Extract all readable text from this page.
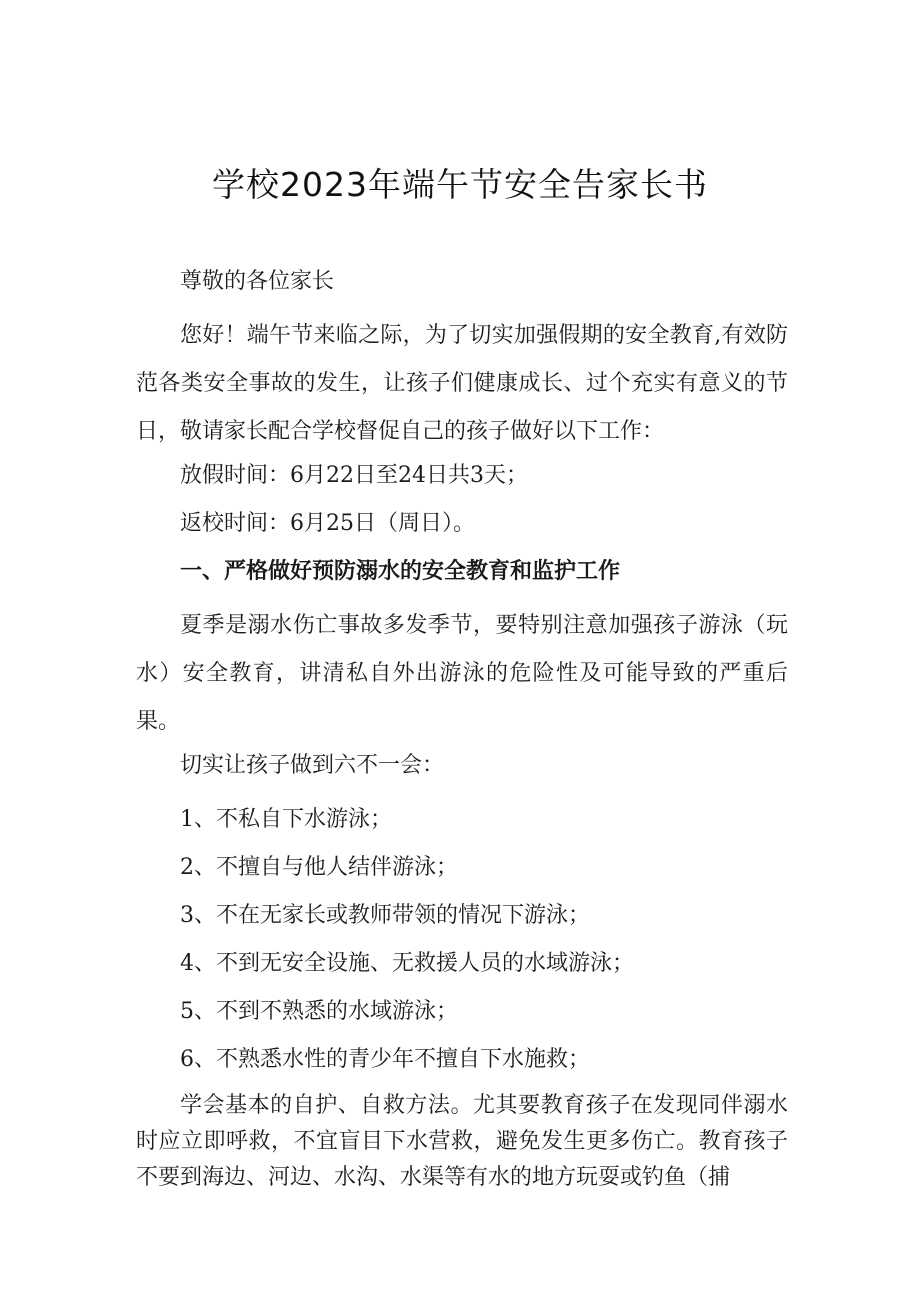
学校2023年端午节安全告家长书

尊敬的各位家长

您好！端午节来临之际，为了切实加强假期的安全教育,有效防范各类安全事故的发生，让孩子们健康成长、过个充实有意义的节日，敬请家长配合学校督促自己的孩子做好以下工作：

放假时间：6月22日至24日共3天；

返校时间：6月25日（周日）。

一、严格做好预防溺水的安全教育和监护工作

夏季是溺水伤亡事故多发季节，要特别注意加强孩子游泳（玩水）安全教育，讲清私自外出游泳的危险性及可能导致的严重后果。

切实让孩子做到六不一会：

1、不私自下水游泳；

2、不擅自与他人结伴游泳；

3、不在无家长或教师带领的情况下游泳；

4、不到无安全设施、无救援人员的水域游泳；

5、不到不熟悉的水域游泳；

6、不熟悉水性的青少年不擅自下水施救；

学会基本的自护、自救方法。尤其要教育孩子在发现同伴溺水时应立即呼救，不宜盲目下水营救，避免发生更多伤亡。教育孩子不要到海边、河边、水沟、水渠等有水的地方玩耍或钓鱼（捕
